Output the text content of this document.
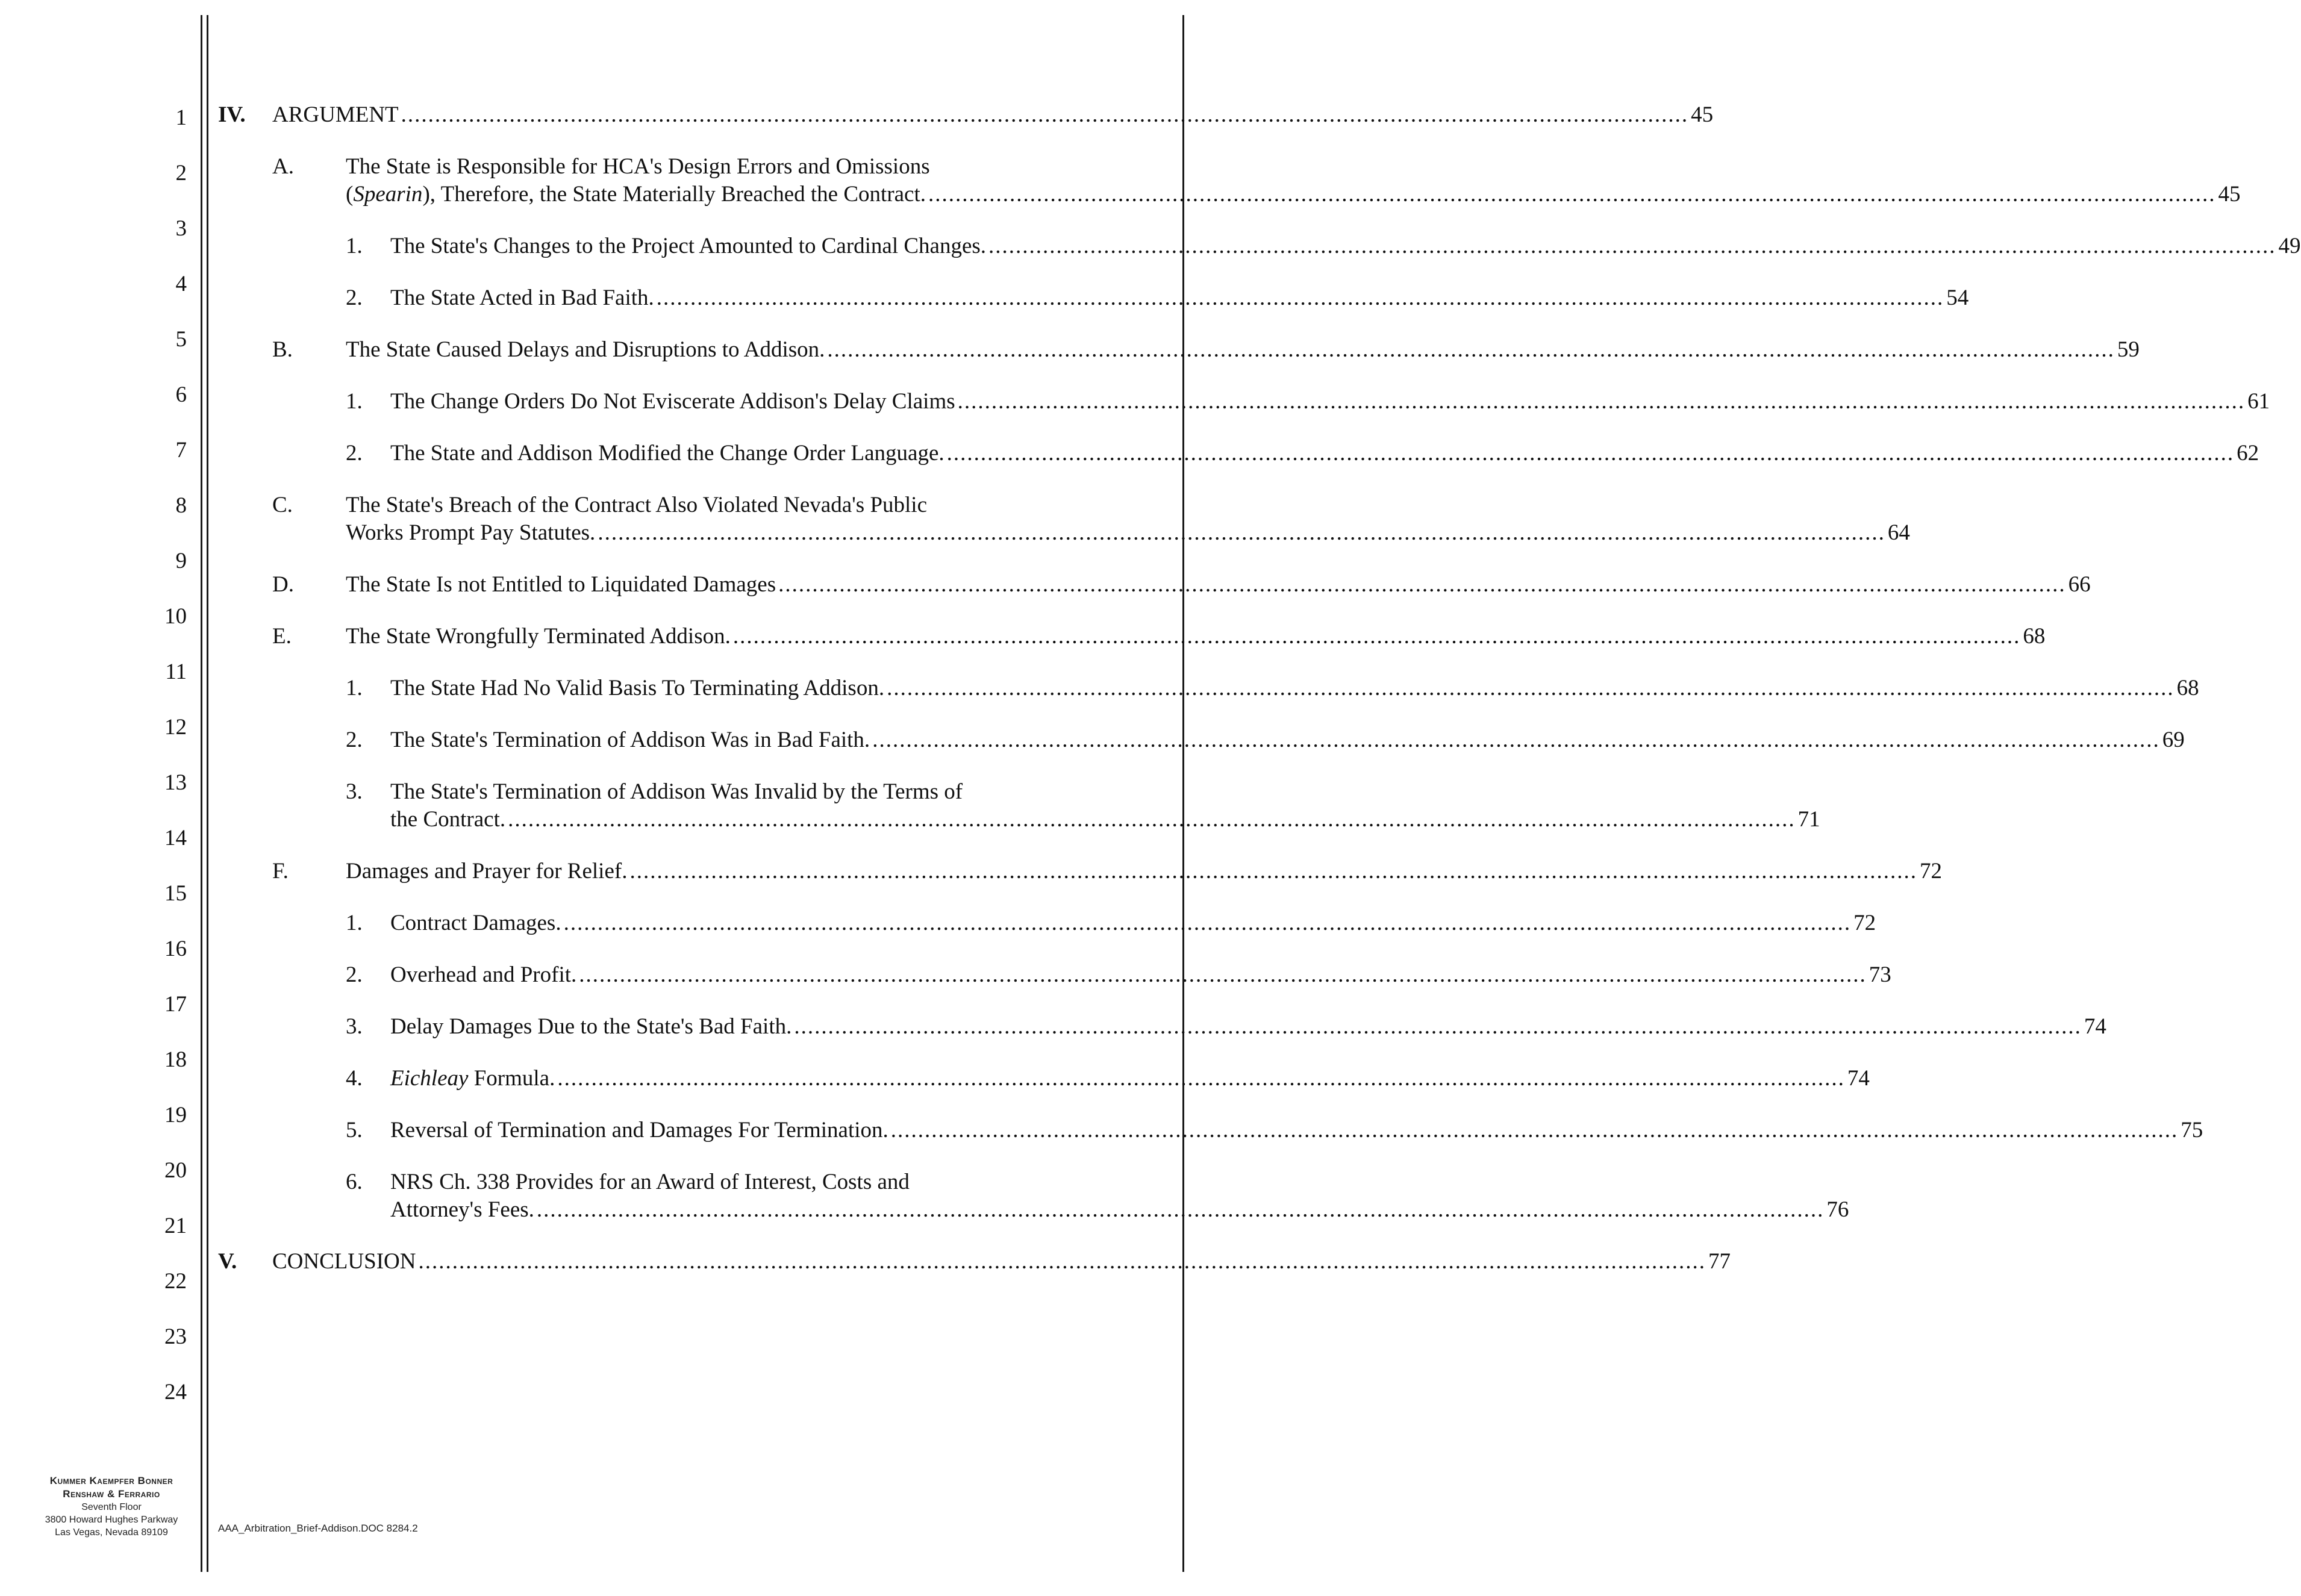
1
2
3
4
5
6
7
8
9
10
11
12
13
14
15
16
17
18
19
20
21
22
23
24
IV. ARGUMENT .............................................................................................................................................................................................. 45
A. The State is Responsible for HCA's Design Errors and Omissions
(Spearin), Therefore, the State Materially Breached the Contract. .............................................................................................................................................................................................. 45
1. The State's Changes to the Project Amounted to Cardinal Changes. .............................................................................................................................................................................................. 49
2. The State Acted in Bad Faith. .............................................................................................................................................................................................. 54
B. The State Caused Delays and Disruptions to Addison. .............................................................................................................................................................................................. 59
1. The Change Orders Do Not Eviscerate Addison's Delay Claims .............................................................................................................................................................................................. 61
2. The State and Addison Modified the Change Order Language. .............................................................................................................................................................................................. 62
C. The State's Breach of the Contract Also Violated Nevada's Public
Works Prompt Pay Statutes. .............................................................................................................................................................................................. 64
D. The State Is not Entitled to Liquidated Damages .............................................................................................................................................................................................. 66
E. The State Wrongfully Terminated Addison. .............................................................................................................................................................................................. 68
1. The State Had No Valid Basis To Terminating Addison. .............................................................................................................................................................................................. 68
2. The State's Termination of Addison Was in Bad Faith. .............................................................................................................................................................................................. 69
3. The State's Termination of Addison Was Invalid by the Terms of
the Contract. .............................................................................................................................................................................................. 71
F.	Damages and Prayer for Relief. .............................................................................................................................................................................................. 72
1. Contract Damages. .............................................................................................................................................................................................. 72
2. Overhead and Profit. .............................................................................................................................................................................................. 73
3. Delay Damages Due to the State's Bad Faith. .............................................................................................................................................................................................. 74
4. Eichleay Formula. .............................................................................................................................................................................................. 74
5. Reversal of Termination and Damages For Termination. .............................................................................................................................................................................................. 75
6. NRS Ch. 338 Provides for an Award of Interest, Costs and
Attorney's Fees. .............................................................................................................................................................................................. 76
V. CONCLUSION .............................................................................................................................................................................................. 77
Kummer Kaempfer Bonner
Renshaw & Ferrario
Seventh Floor
3800 Howard Hughes Parkway
Las Vegas, Nevada 89109	AAA_Arbitration_Brief-Addison.DOC 8284.2
